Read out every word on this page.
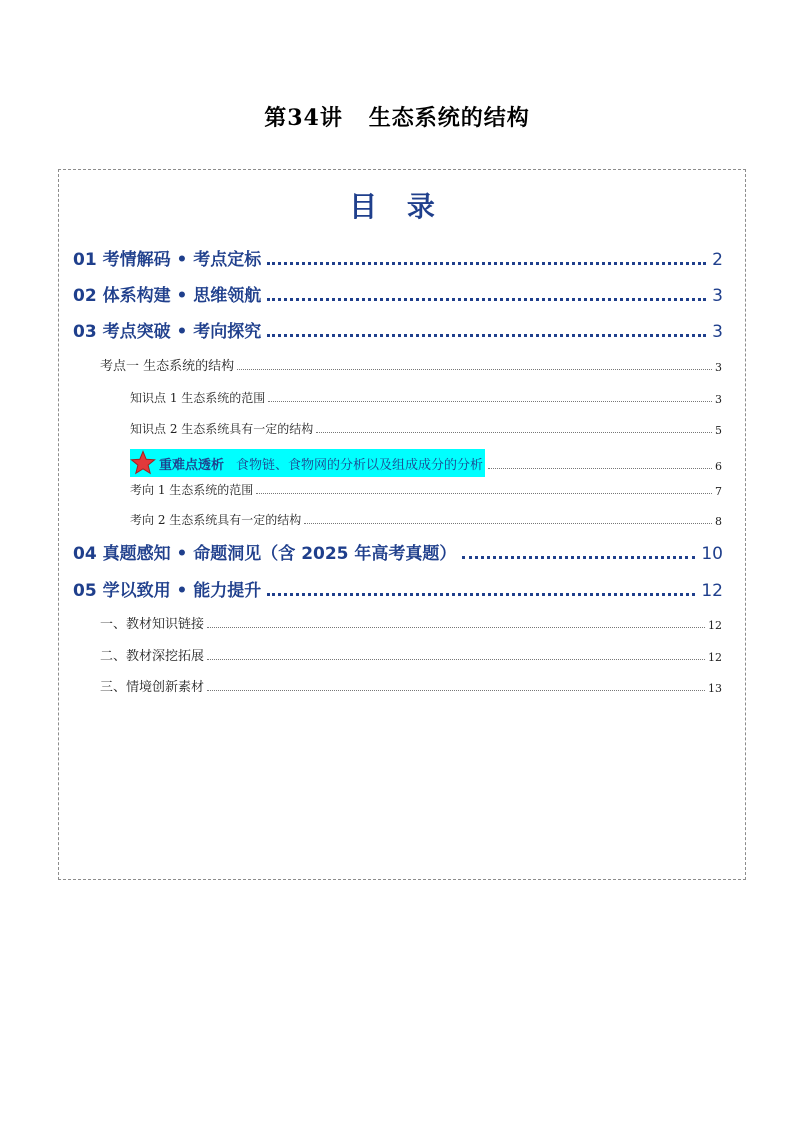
第34讲   生态系统的结构
目 录
01 考情解码 • 考点定标	2
02 体系构建 • 思维领航	3
03 考点突破 • 考向探究	3
考点一 生态系统的结构	3
知识点 1 生态系统的范围	3
知识点 2 生态系统具有一定的结构	5
重难点透析 食物链、食物网的分析以及组成成分的分析	6
考向 1 生态系统的范围	7
考向 2 生态系统具有一定的结构	8
04 真题感知 • 命题洞见（含 2025 年高考真题）	10
05 学以致用 • 能力提升	12
一、教材知识链接	12
二、教材深挖拓展	12
三、情境创新素材	13
